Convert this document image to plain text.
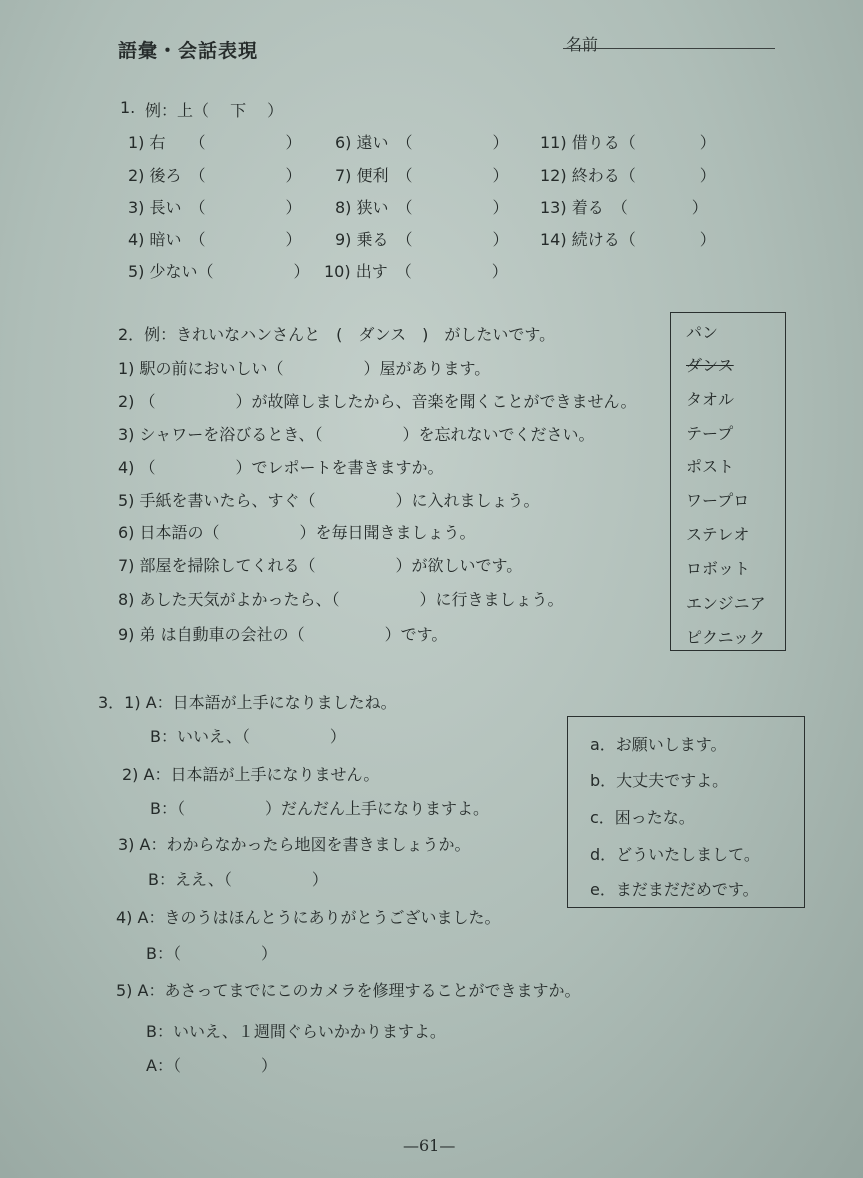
語彙・会話表現	名前
1. 例：上（　 下　 ）
1) 右　　（　　　　　）
2) 後ろ　（　　　　　）
3) 長い　（　　　　　）
4) 暗い　（　　　　　）
5) 少ない（　　　　　）
6) 遠い　（　　　　　）
7) 便利　（　　　　　）
8) 狭い　（　　　　　）
9) 乗る　（　　　　　）
10) 出す　（　　　　　）
11) 借りる（　　　　）
12) 終わる（　　　　）
13) 着る　（　　　　）
14) 続ける（　　　　）
2．例：きれいなハンさんと　(　ダンス　)　がしたいです。
1) 駅の前においしい（　　　　　）屋があります。
2) （　　　　　）が故障しましたから、音楽を聞くことができません。
3) シャワーを浴びるとき、（　　　　　）を忘れないでください。
4) （　　　　　）でレポートを書きますか。
5) 手紙を書いたら、すぐ（　　　　　）に入れましょう。
6) 日本語の（　　　　　）を毎日聞きましょう。
7) 部屋を掃除してくれる（　　　　　）が欲しいです。
8) あした天気がよかったら、（　　　　　）に行きましょう。
9) 弟 は自動車の会社の（　　　　　）です。
パン
ダンス
タオル
テープ
ポスト
ワープロ
ステレオ
ロボット
エンジニア
ピクニック
3．1) A：日本語が上手になりましたね。
B：いいえ、（　　　　　）
2) A：日本語が上手になりません。
B：（　　　　　）だんだん上手になりますよ。
3) A：わからなかったら地図を書きましょうか。
B：ええ、（　　　　　）
4) A：きのうはほんとうにありがとうございました。
B：（　　　　　）
5) A：あさってまでにこのカメラを修理することができますか。
B：いいえ、１週間ぐらいかかりますよ。
A：（　　　　　）
a．お願いします。
b．大丈夫ですよ。
c．困ったな。
d．どういたしまして。
e．まだまだだめです。
—61—
